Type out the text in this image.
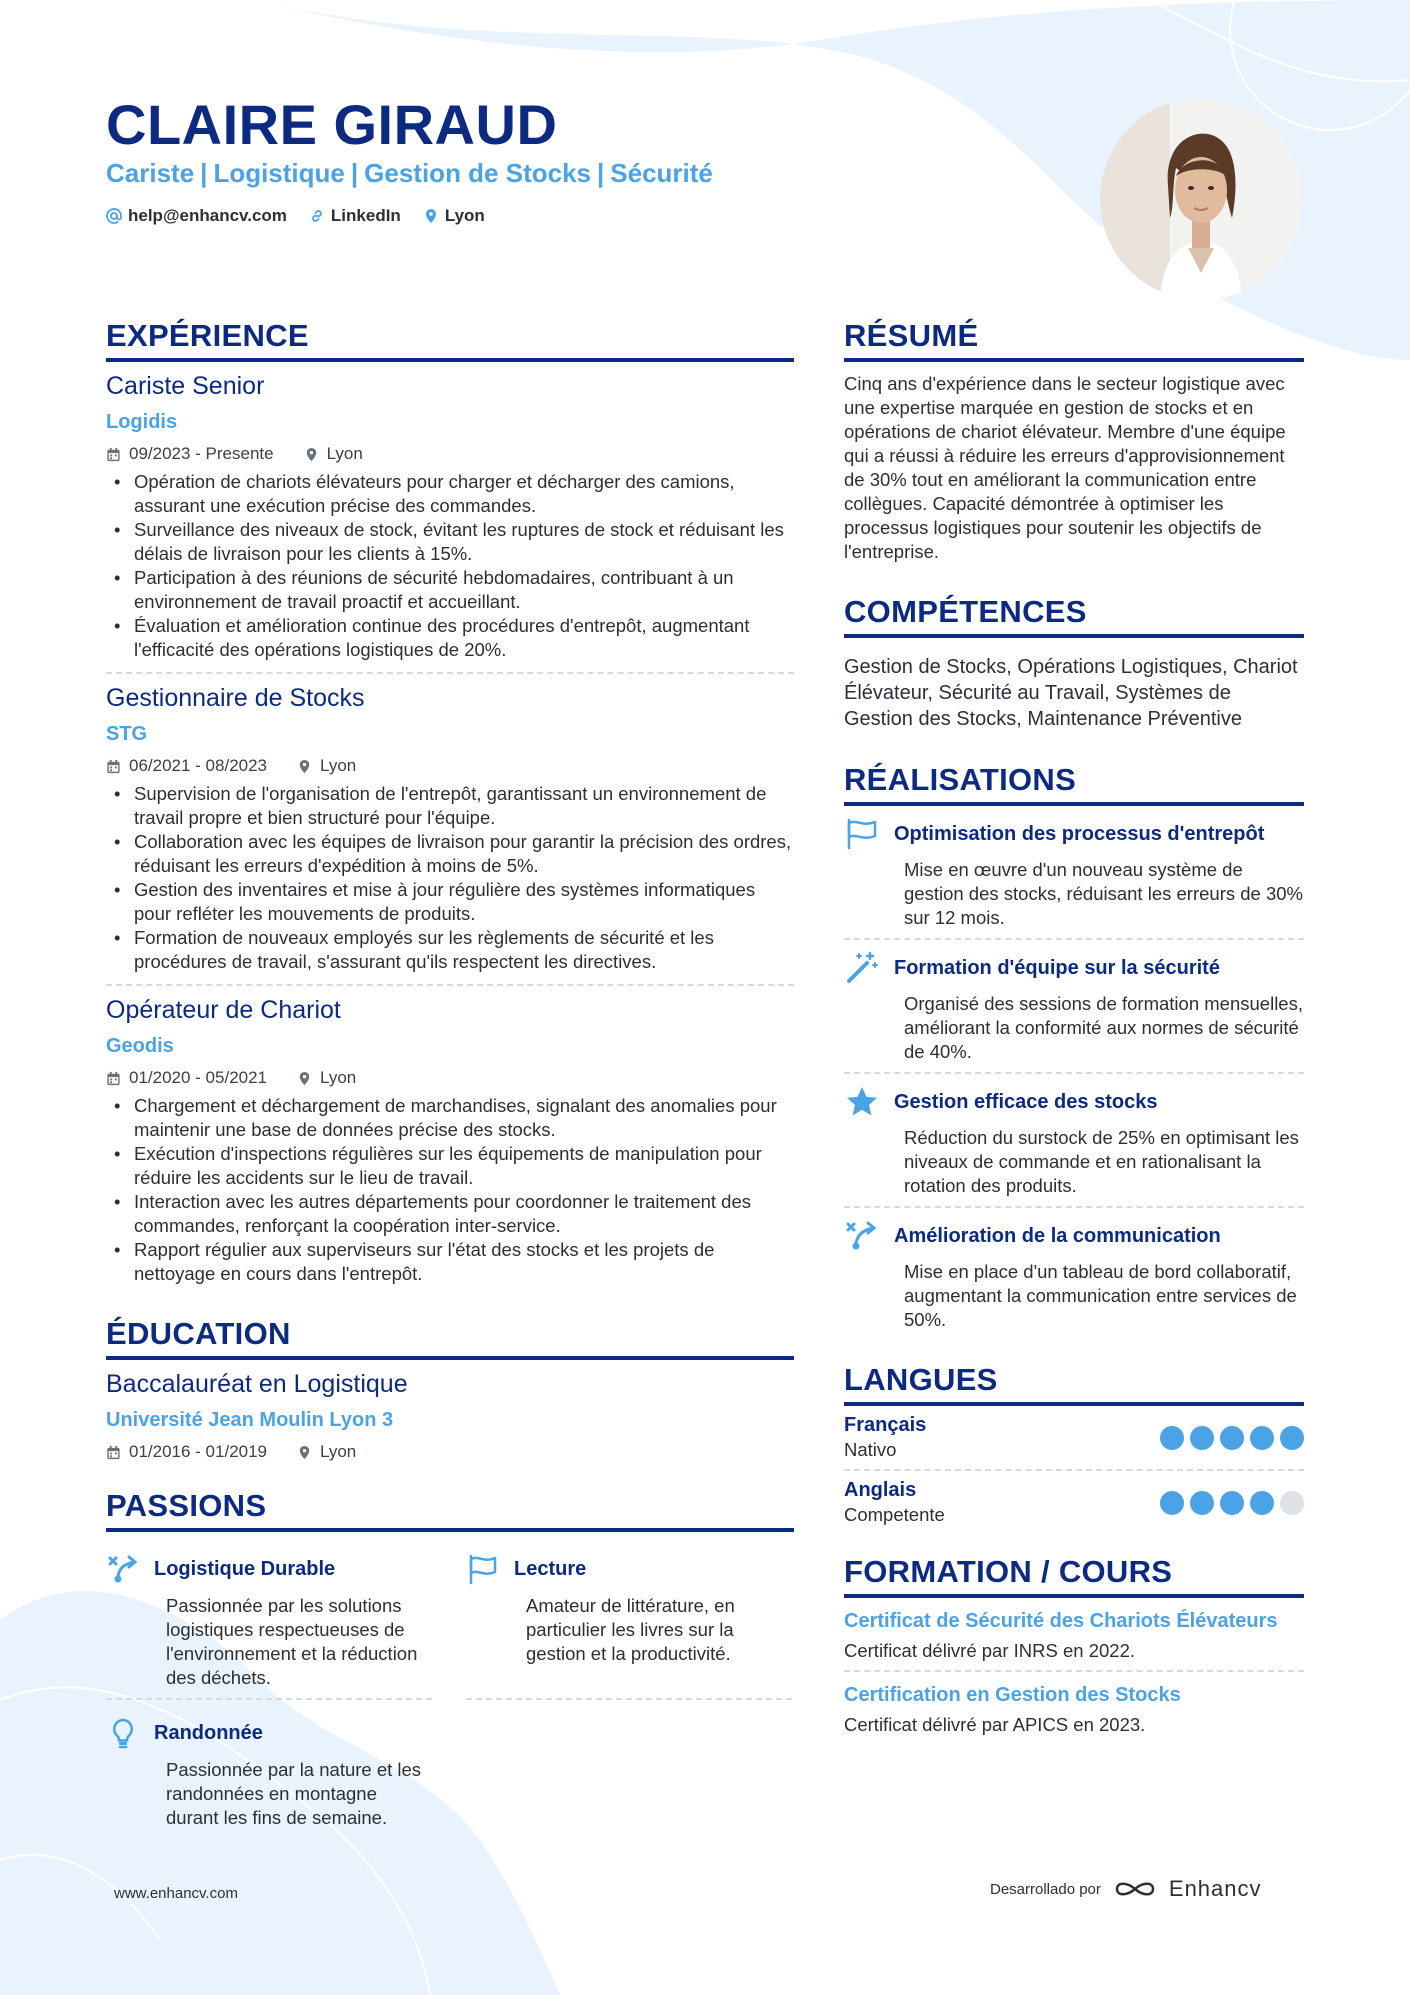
CLAIRE GIRAUD
Cariste | Logistique | Gestion de Stocks | Sécurité
help@enhancv.com	LinkedIn	Lyon
EXPÉRIENCE
Cariste Senior
Logidis
09/2023 - Presente	Lyon
• Opération de chariots élévateurs pour charger et décharger des camions, assurant une exécution précise des commandes.
• Surveillance des niveaux de stock, évitant les ruptures de stock et réduisant les délais de livraison pour les clients à 15%.
• Participation à des réunions de sécurité hebdomadaires, contribuant à un environnement de travail proactif et accueillant.
• Évaluation et amélioration continue des procédures d'entrepôt, augmentant l'efficacité des opérations logistiques de 20%.
Gestionnaire de Stocks
STG
06/2021 - 08/2023	Lyon
• Supervision de l'organisation de l'entrepôt, garantissant un environnement de travail propre et bien structuré pour l'équipe.
• Collaboration avec les équipes de livraison pour garantir la précision des ordres, réduisant les erreurs d'expédition à moins de 5%.
• Gestion des inventaires et mise à jour régulière des systèmes informatiques pour refléter les mouvements de produits.
• Formation de nouveaux employés sur les règlements de sécurité et les procédures de travail, s'assurant qu'ils respectent les directives.
Opérateur de Chariot
Geodis
01/2020 - 05/2021	Lyon
• Chargement et déchargement de marchandises, signalant des anomalies pour maintenir une base de données précise des stocks.
• Exécution d'inspections régulières sur les équipements de manipulation pour réduire les accidents sur le lieu de travail.
• Interaction avec les autres départements pour coordonner le traitement des commandes, renforçant la coopération inter-service.
• Rapport régulier aux superviseurs sur l'état des stocks et les projets de nettoyage en cours dans l'entrepôt.
ÉDUCATION
Baccalauréat en Logistique
Université Jean Moulin Lyon 3
01/2016 - 01/2019	Lyon
PASSIONS
Logistique Durable
Passionnée par les solutions logistiques respectueuses de l'environnement et la réduction des déchets.
Lecture
Amateur de littérature, en particulier les livres sur la gestion et la productivité.
Randonnée
Passionnée par la nature et les randonnées en montagne durant les fins de semaine.
RÉSUMÉ
Cinq ans d'expérience dans le secteur logistique avec une expertise marquée en gestion de stocks et en opérations de chariot élévateur. Membre d'une équipe qui a réussi à réduire les erreurs d'approvisionnement de 30% tout en améliorant la communication entre collègues. Capacité démontrée à optimiser les processus logistiques pour soutenir les objectifs de l'entreprise.
COMPÉTENCES
Gestion de Stocks, Opérations Logistiques, Chariot Élévateur, Sécurité au Travail, Systèmes de Gestion des Stocks, Maintenance Préventive
RÉALISATIONS
Optimisation des processus d'entrepôt
Mise en œuvre d'un nouveau système de gestion des stocks, réduisant les erreurs de 30% sur 12 mois.
Formation d'équipe sur la sécurité
Organisé des sessions de formation mensuelles, améliorant la conformité aux normes de sécurité de 40%.
Gestion efficace des stocks
Réduction du surstock de 25% en optimisant les niveaux de commande et en rationalisant la rotation des produits.
Amélioration de la communication
Mise en place d'un tableau de bord collaboratif, augmentant la communication entre services de 50%.
LANGUES
Français
Nativo
Anglais
Competente
FORMATION / COURS
Certificat de Sécurité des Chariots Élévateurs
Certificat délivré par INRS en 2022.
Certification en Gestion des Stocks
Certificat délivré par APICS en 2023.
www.enhancv.com	Desarrollado por	Enhancv
